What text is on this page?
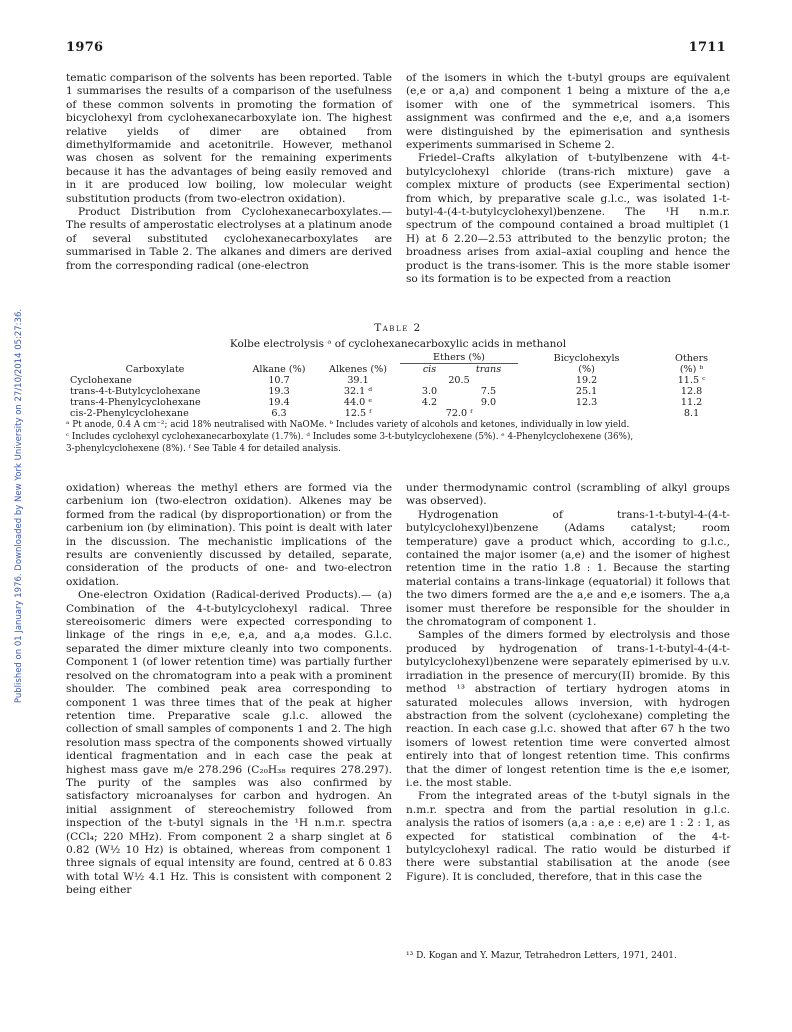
1976	1711
Published on 01 January 1976. Downloaded by New York University on 27/10/2014 05:27:36.

tematic comparison of the solvents has been reported. Table 1 summarises the results of a comparison of the usefulness of these common solvents in promoting the formation of bicyclohexyl from cyclohexanecarboxylate ion. The highest relative yields of dimer are obtained from dimethylformamide and acetonitrile. However, methanol was chosen as solvent for the remaining experiments because it has the advantages of being easily removed and in it are produced low boiling, low molecular weight substitution products (from two-electron oxidation).

Product Distribution from Cyclohexanecarboxylates.— The results of amperostatic electrolyses at a platinum anode of several substituted cyclohexanecarboxylates are summarised in Table 2. The alkanes and dimers are derived from the corresponding radical (one-electron

of the isomers in which the t-butyl groups are equivalent (e,e or a,a) and component 1 being a mixture of the a,e isomer with one of the symmetrical isomers. This assignment was confirmed and the e,e, and a,a isomers were distinguished by the epimerisation and synthesis experiments summarised in Scheme 2.

Friedel–Crafts alkylation of t-butylbenzene with 4-t-butylcyclohexyl chloride (trans-rich mixture) gave a complex mixture of products (see Experimental section) from which, by preparative scale g.l.c., was isolated 1-t-butyl-4-(4-t-butylcyclohexyl)benzene. The ¹H n.m.r. spectrum of the compound contained a broad multiplet (1 H) at δ 2.20—2.53 attributed to the benzylic proton; the broadness arises from axial–axial coupling and hence the product is the trans-isomer. This is the more stable isomer so its formation is to be expected from a reaction

Table 2
Kolbe electrolysis ᵃ of cyclohexanecarboxylic acids in methanol
			Ethers (%)		Bicyclohexyls	Others
Carboxylate	Alkane (%)	Alkenes (%)	cis	trans	(%)	(%) ᵇ
Cyclohexane	10.7	39.1	20.5		19.2	11.5 ᶜ
trans-4-t-Butylcyclohexane	19.3	32.1 ᵈ	3.0	7.5	25.1	12.8
trans-4-Phenylcyclohexane	19.4	44.0 ᵉ	4.2	9.0	12.3	11.2
cis-2-Phenylcyclohexane	6.3	12.5 ᶠ	72.0 ᶠ			8.1
ᵃ Pt anode, 0.4 A cm⁻²; acid 18% neutralised with NaOMe. ᵇ Includes variety of alcohols and ketones, individually in low yield.
ᶜ Includes cyclohexyl cyclohexanecarboxylate (1.7%). ᵈ Includes some 3-t-butylcyclohexene (5%). ᵉ 4-Phenylcyclohexene (36%),
3-phenylcyclohexene (8%). ᶠ See Table 4 for detailed analysis.

oxidation) whereas the methyl ethers are formed via the carbenium ion (two-electron oxidation). Alkenes may be formed from the radical (by disproportionation) or from the carbenium ion (by elimination). This point is dealt with later in the discussion. The mechanistic implications of the results are conveniently discussed by detailed, separate, consideration of the products of one- and two-electron oxidation.

One-electron Oxidation (Radical-derived Products).— (a) Combination of the 4-t-butylcyclohexyl radical. Three stereoisomeric dimers were expected corresponding to linkage of the rings in e,e, e,a, and a,a modes. G.l.c. separated the dimer mixture cleanly into two components. Component 1 (of lower retention time) was partially further resolved on the chromatogram into a peak with a prominent shoulder. The combined peak area corresponding to component 1 was three times that of the peak at higher retention time. Preparative scale g.l.c. allowed the collection of small samples of components 1 and 2. The high resolution mass spectra of the components showed virtually identical fragmentation and in each case the peak at highest mass gave m/e 278.296 (C₂₀H₃₈ requires 278.297). The purity of the samples was also confirmed by satisfactory microanalyses for carbon and hydrogen. An initial assignment of stereochemistry followed from inspection of the t-butyl signals in the ¹H n.m.r. spectra (CCl₄; 220 MHz). From component 2 a sharp singlet at δ 0.82 (W½ 10 Hz) is obtained, whereas from component 1 three signals of equal intensity are found, centred at δ 0.83 with total W½ 4.1 Hz. This is consistent with component 2 being either

under thermodynamic control (scrambling of alkyl groups was observed).

Hydrogenation of trans-1-t-butyl-4-(4-t-butylcyclohexyl)benzene (Adams catalyst; room temperature) gave a product which, according to g.l.c., contained the major isomer (a,e) and the isomer of highest retention time in the ratio 1.8 : 1. Because the starting material contains a trans-linkage (equatorial) it follows that the two dimers formed are the a,e and e,e isomers. The a,a isomer must therefore be responsible for the shoulder in the chromatogram of component 1.

Samples of the dimers formed by electrolysis and those produced by hydrogenation of trans-1-t-butyl-4-(4-t-butylcyclohexyl)benzene were separately epimerised by u.v. irradiation in the presence of mercury(II) bromide. By this method ¹³ abstraction of tertiary hydrogen atoms in saturated molecules allows inversion, with hydrogen abstraction from the solvent (cyclohexane) completing the reaction. In each case g.l.c. showed that after 67 h the two isomers of lowest retention time were converted almost entirely into that of longest retention time. This confirms that the dimer of longest retention time is the e,e isomer, i.e. the most stable.

From the integrated areas of the t-butyl signals in the n.m.r. spectra and from the partial resolution in g.l.c. analysis the ratios of isomers (a,a : a,e : e,e) are 1 : 2 : 1, as expected for statistical combination of the 4-t-butylcyclohexyl radical. The ratio would be disturbed if there were substantial stabilisation at the anode (see Figure). It is concluded, therefore, that in this case the

¹³ D. Kogan and Y. Mazur, Tetrahedron Letters, 1971, 2401.
